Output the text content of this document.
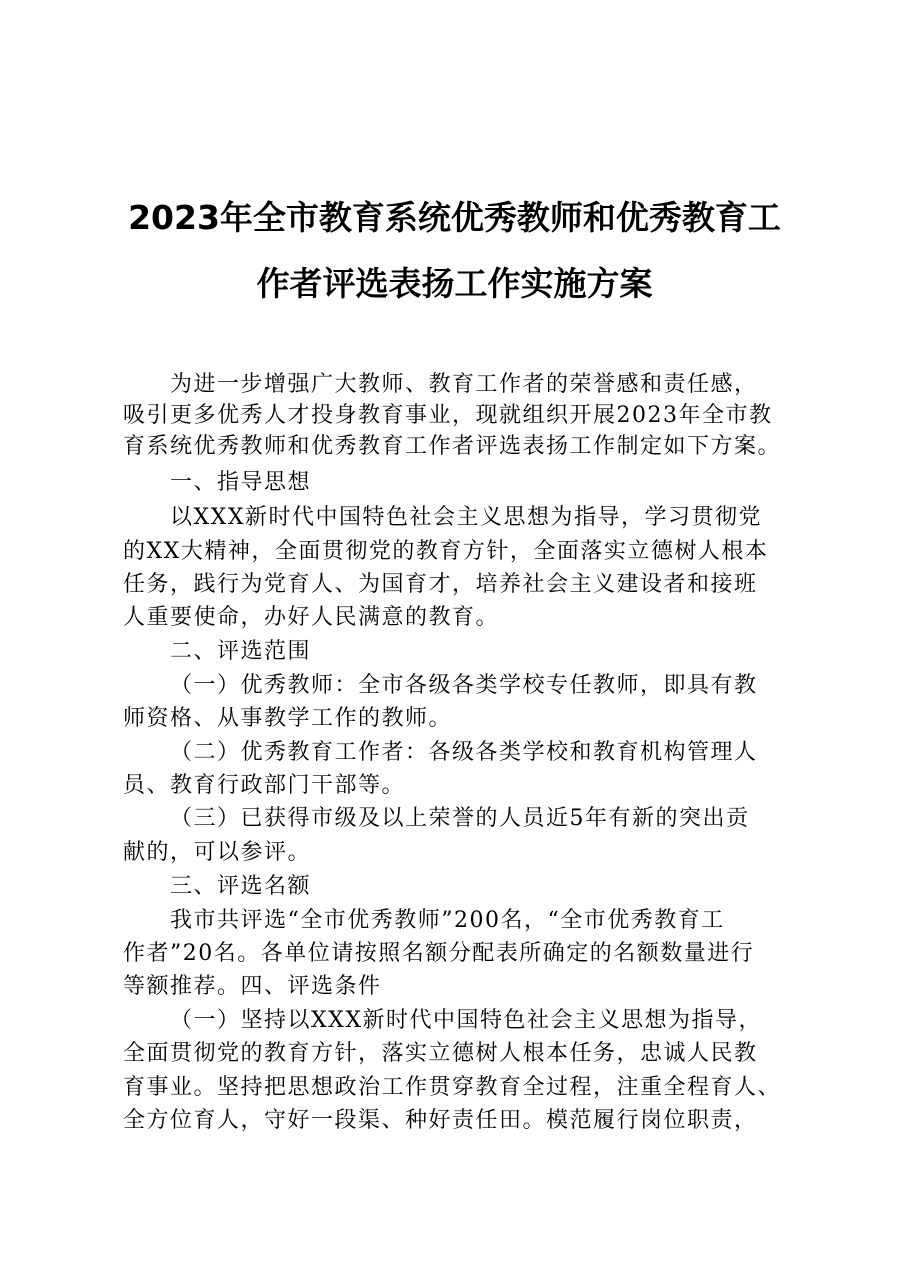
2023年全市教育系统优秀教师和优秀教育工
作者评选表扬工作实施方案
为进一步增强广大教师、教育工作者的荣誉感和责任感，
吸引更多优秀人才投身教育事业，现就组织开展2023年全市教
育系统优秀教师和优秀教育工作者评选表扬工作制定如下方案。
一、指导思想
以XXX新时代中国特色社会主义思想为指导，学习贯彻党
的XX大精神，全面贯彻党的教育方针，全面落实立德树人根本
任务，践行为党育人、为国育才，培养社会主义建设者和接班
人重要使命，办好人民满意的教育。
二、评选范围
（一）优秀教师：全市各级各类学校专任教师，即具有教
师资格、从事教学工作的教师。
（二）优秀教育工作者：各级各类学校和教育机构管理人
员、教育行政部门干部等。
（三）已获得市级及以上荣誉的人员近5年有新的突出贡
献的，可以参评。
三、评选名额
我市共评选“全市优秀教师”200名，“全市优秀教育工
作者”20名。各单位请按照名额分配表所确定的名额数量进行
等额推荐。四、评选条件
（一）坚持以XXX新时代中国特色社会主义思想为指导，
全面贯彻党的教育方针，落实立德树人根本任务，忠诚人民教
育事业。坚持把思想政治工作贯穿教育全过程，注重全程育人、
全方位育人，守好一段渠、种好责任田。模范履行岗位职责，
